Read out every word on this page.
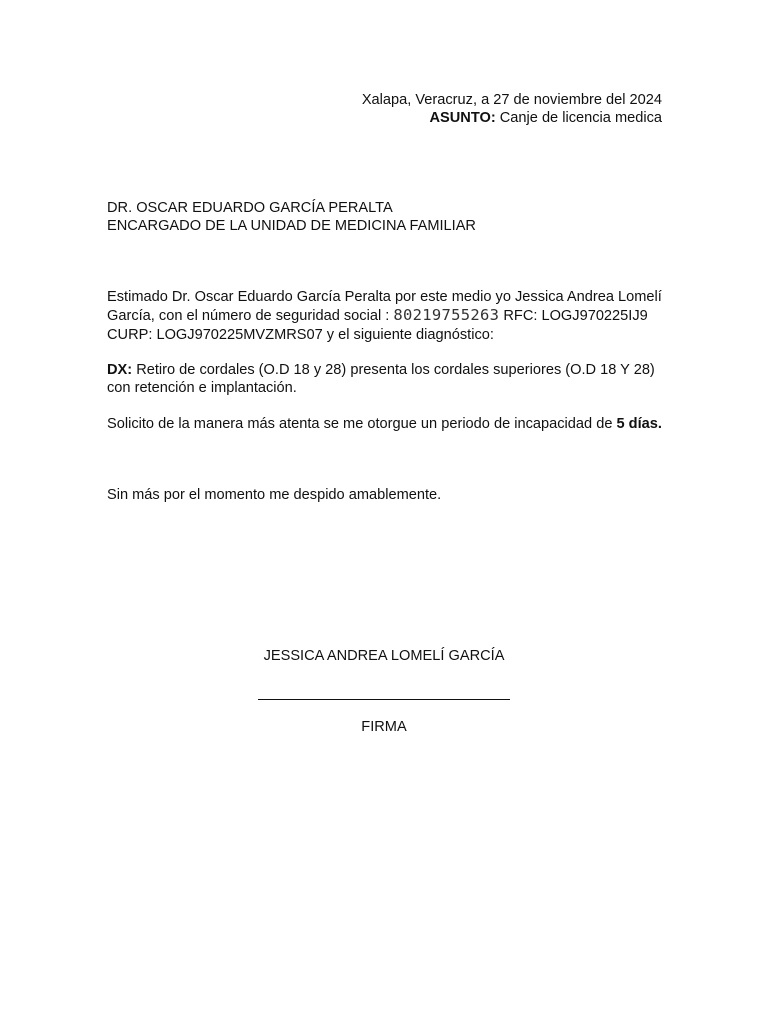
Xalapa, Veracruz, a 27 de noviembre del 2024
ASUNTO: Canje de licencia medica
DR. OSCAR EDUARDO GARCÍA PERALTA
ENCARGADO DE LA UNIDAD DE MEDICINA FAMILIAR

Estimado Dr. Oscar Eduardo García Peralta por este medio yo Jessica Andrea Lomelí García, con el número de seguridad social : 80219755263 RFC: LOGJ970225IJ9 CURP: LOGJ970225MVZMRS07 y el siguiente diagnóstico:

DX: Retiro de cordales (O.D 18 y 28) presenta los cordales superiores (O.D 18 Y 28) con retención e implantación.

Solicito de la manera más atenta se me otorgue un periodo de incapacidad de 5 días.

Sin más por el momento me despido amablemente.

JESSICA ANDREA LOMELÍ GARCÍA
FIRMA
